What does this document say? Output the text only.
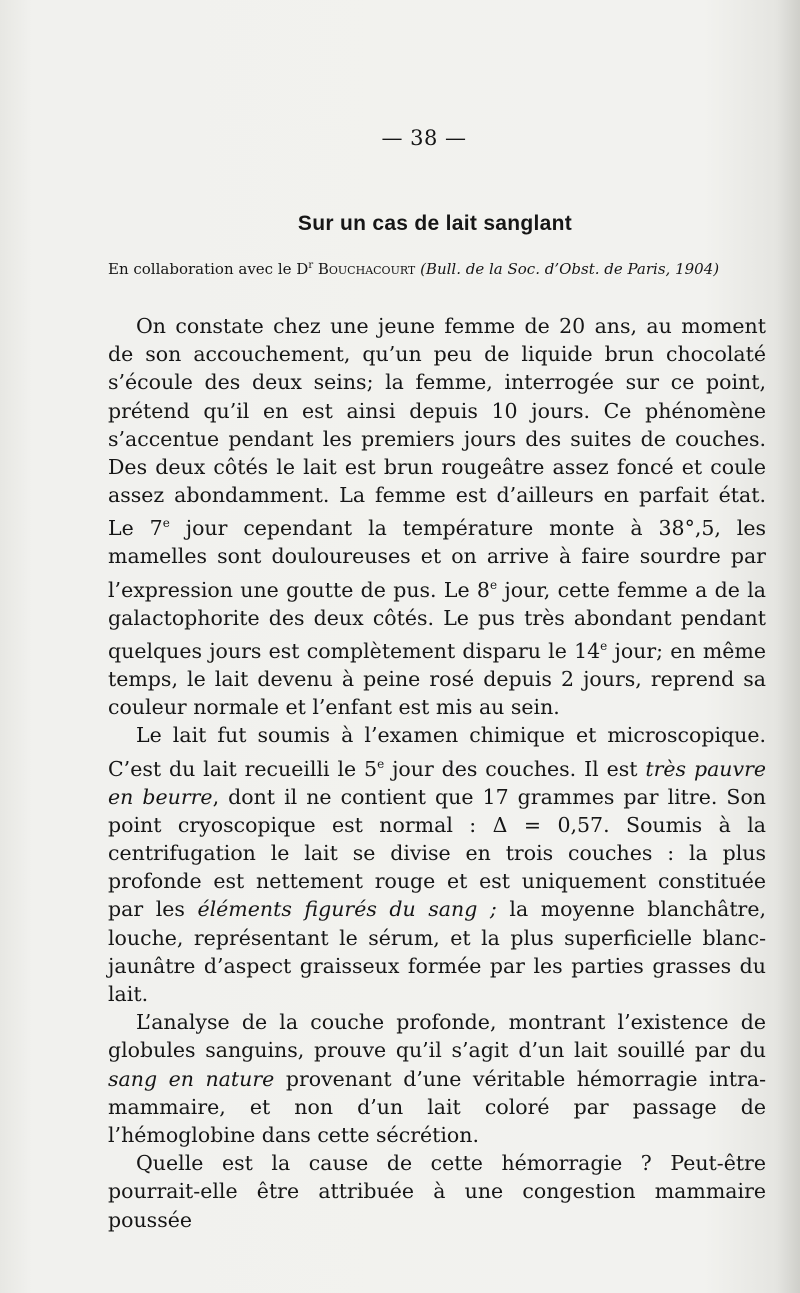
— 38 —
Sur un cas de lait sanglant
En collaboration avec le $D^r$ Bouchacourt (Bull. de la Soc. d’Obst. de Paris, 1904)

On constate chez une jeune femme de 20 ans, au moment de son accouchement, qu’un peu de liquide brun chocolaté s’écoule des deux seins; la femme, interrogée sur ce point, prétend qu’il en est ainsi depuis 10 jours. Ce phénomène s’accentue pendant les premiers jours des suites de couches. Des deux côtés le lait est brun rougeâtre assez foncé et coule assez abondamment. La femme est d’ailleurs en parfait état. Le 7e jour cependant la température monte à 38°,5, les mamelles sont douloureuses et on arrive à faire sourdre par l’expression une goutte de pus. Le 8e jour, cette femme a de la galactophorite des deux côtés. Le pus très abondant pendant quelques jours est complètement disparu le 14e jour; en même temps, le lait devenu à peine rosé depuis 2 jours, reprend sa couleur normale et l’enfant est mis au sein.

Le lait fut soumis à l’examen chimique et microscopique. C’est du lait recueilli le 5e jour des couches. Il est très pauvre en beurre, dont il ne contient que 17 grammes par litre. Son point cryoscopique est normal : Δ = 0,57. Soumis à la centrifugation le lait se divise en trois couches : la plus profonde est nettement rouge et est uniquement constituée par les éléments figurés du sang ; la moyenne blanchâtre, louche, représentant le sérum, et la plus superficielle blanc-jaunâtre d’aspect graisseux formée par les parties grasses du lait.

L’analyse de la couche profonde, montrant l’existence de globules sanguins, prouve qu’il s’agit d’un lait souillé par du sang en nature provenant d’une véritable hémorragie intra-mammaire, et non d’un lait coloré par passage de l’hémoglobine dans cette sécrétion.

Quelle est la cause de cette hémorragie ? Peut-être pourrait-elle être attribuée à une congestion mammaire poussée
